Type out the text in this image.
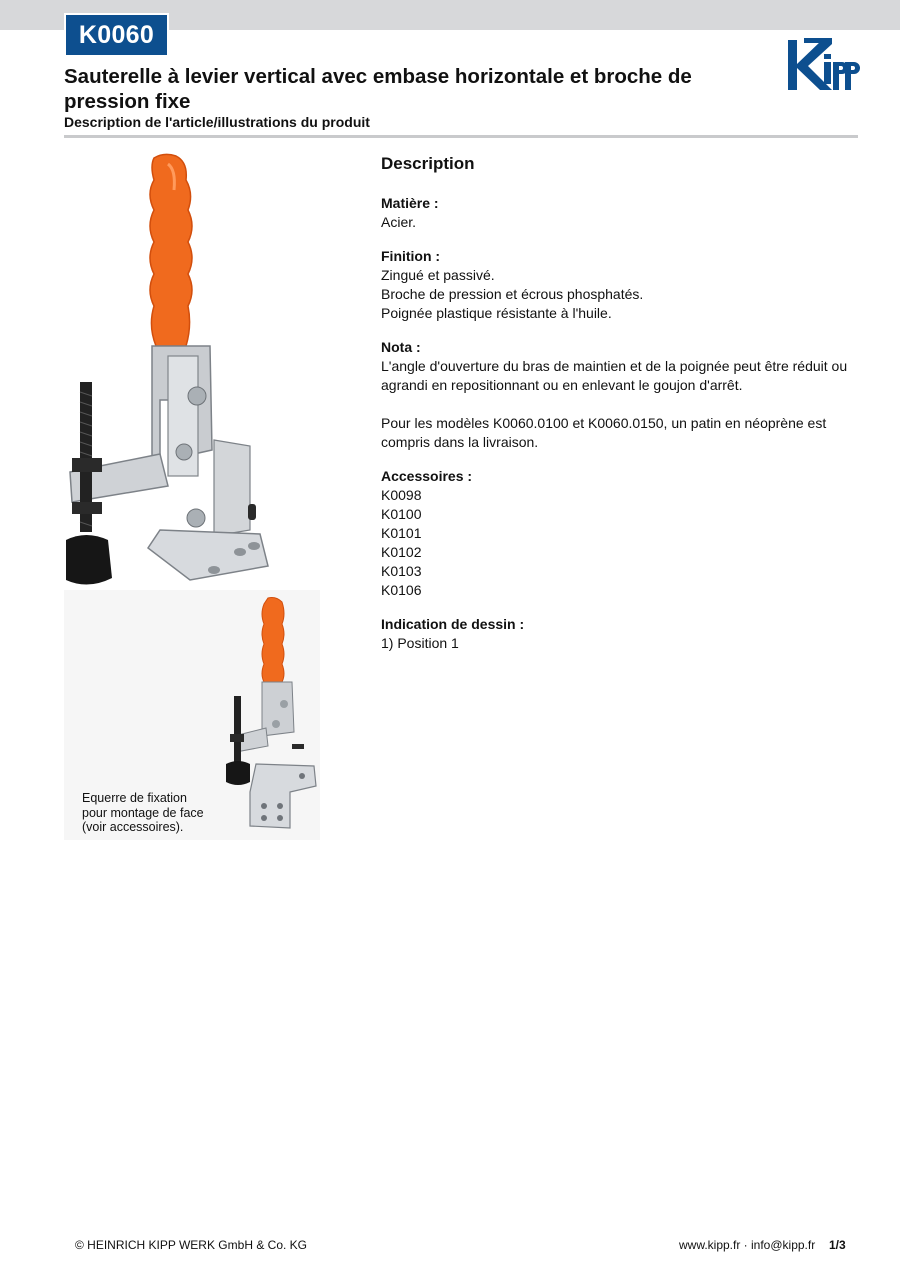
K0060
Sauterelle à levier vertical avec embase horizontale et broche de pression fixe
Description de l'article/illustrations du produit
Equerre de fixation
pour montage de face
(voir accessoires).
Description
Matière :
Acier.
Finition :
Zingué et passivé.
Broche de pression et écrous phosphatés.
Poignée plastique résistante à l'huile.
Nota :
L'angle d'ouverture du bras de maintien et de la poignée peut être réduit ou agrandi en repositionnant ou en enlevant le goujon d'arrêt.
Pour les modèles K0060.0100 et K0060.0150, un patin en néoprène est compris dans la livraison.
Accessoires :
K0098
K0100
K0101
K0102
K0103
K0106
Indication de dessin :
1) Position 1
© HEINRICH KIPP WERK GmbH & Co. KG	www.kipp.fr · info@kipp.fr 1/3
